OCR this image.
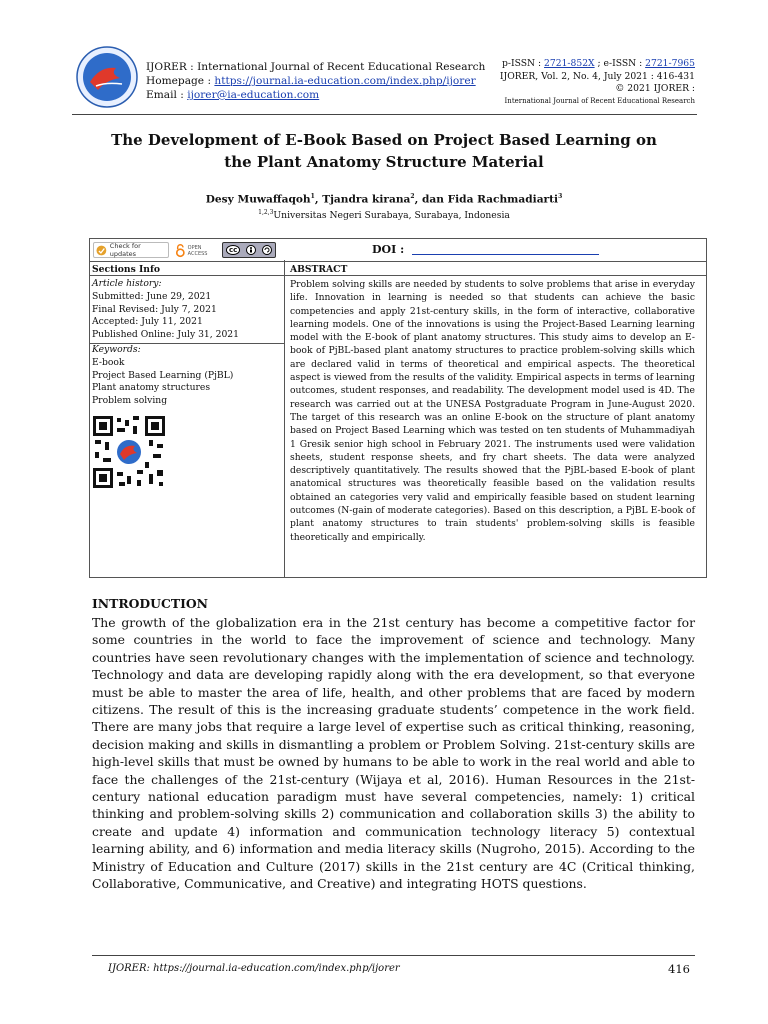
IJORER : International Journal of Recent Educational Research
Homepage : https://journal.ia-education.com/index.php/ijorer
Email : ijorer@ia-education.com
p-ISSN : 2721-852X ; e-ISSN : 2721-7965
IJORER, Vol. 2, No. 4, July 2021 : 416-431
© 2021 IJORER :
International Journal of Recent Educational Research
The Development of E-Book Based on Project Based Learning on
the Plant Anatomy Structure Material
Desy Muwaffaqoh$^1$, Tjandra kirana$^2$, dan Fida Rachmadiarti$^3$
$^{1,2,3}$Universitas Negeri Surabaya, Surabaya, Indonesia
Check for updates
OPEN ACCESS	cc	DOI :
Sections Info	ABSTRACT
Article history:
Submitted: June 29, 2021
Final Revised: July 7, 2021
Accepted: July 11, 2021
Published Online: July 31, 2021
Keywords:
E-book
Project Based Learning (PjBL)
Plant anatomy structures
Problem solving
Problem solving skills are needed by students to solve problems that arise in everyday life. Innovation in learning is needed so that students can achieve the basic competencies and apply 21st-century skills, in the form of interactive, collaborative learning models. One of the innovations is using the Project-Based Learning learning model with the E-book of plant anatomy structures. This study aims to develop an E-book of PjBL-based plant anatomy structures to practice problem-solving skills which are declared valid in terms of theoretical and empirical aspects. The theoretical aspect is viewed from the results of the validity. Empirical aspects in terms of learning outcomes, student responses, and readability. The development model used is 4D. The research was carried out at the UNESA Postgraduate Program in June-August 2020. The target of this research was an online E-book on the structure of plant anatomy based on Project Based Learning which was tested on ten students of Muhammadiyah 1 Gresik senior high school in February 2021. The instruments used were validation sheets, student response sheets, and fry chart sheets. The data were analyzed descriptively quantitatively. The results showed that the PjBL-based E-book of plant anatomical structures was theoretically feasible based on the validation results obtained an categories very valid and empirically feasible based on student learning outcomes (N-gain of moderate categories). Based on this description, a PjBL E-book of plant anatomy structures to train students' problem-solving skills is feasible theoretically and empirically.
INTRODUCTION
The growth of the globalization era in the 21st century has become a competitive factor for some countries in the world to face the improvement of science and technology. Many countries have seen revolutionary changes with the implementation of science and technology. Technology and data are developing rapidly along with the era development, so that everyone must be able to master the area of life, health, and other problems that are faced by modern citizens. The result of this is the increasing graduate students’ competence in the work field. There are many jobs that require a large level of expertise such as critical thinking, reasoning, decision making and skills in dismantling a problem or Problem Solving. 21st-century skills are high-level skills that must be owned by humans to be able to work in the real world and able to face the challenges of the 21st-century (Wijaya et al, 2016). Human Resources in the 21st-century national education paradigm must have several competencies, namely: 1) critical thinking and problem-solving skills 2) communication and collaboration skills 3) the ability to create and update 4) information and communication technology literacy 5) contextual learning ability, and 6) information and media literacy skills (Nugroho, 2015). According to the Ministry of Education and Culture (2017) skills in the 21st century are 4C (Critical thinking, Collaborative, Communicative, and Creative) and integrating HOTS questions.
IJORER: https://journal.ia-education.com/index.php/ijorer	416
